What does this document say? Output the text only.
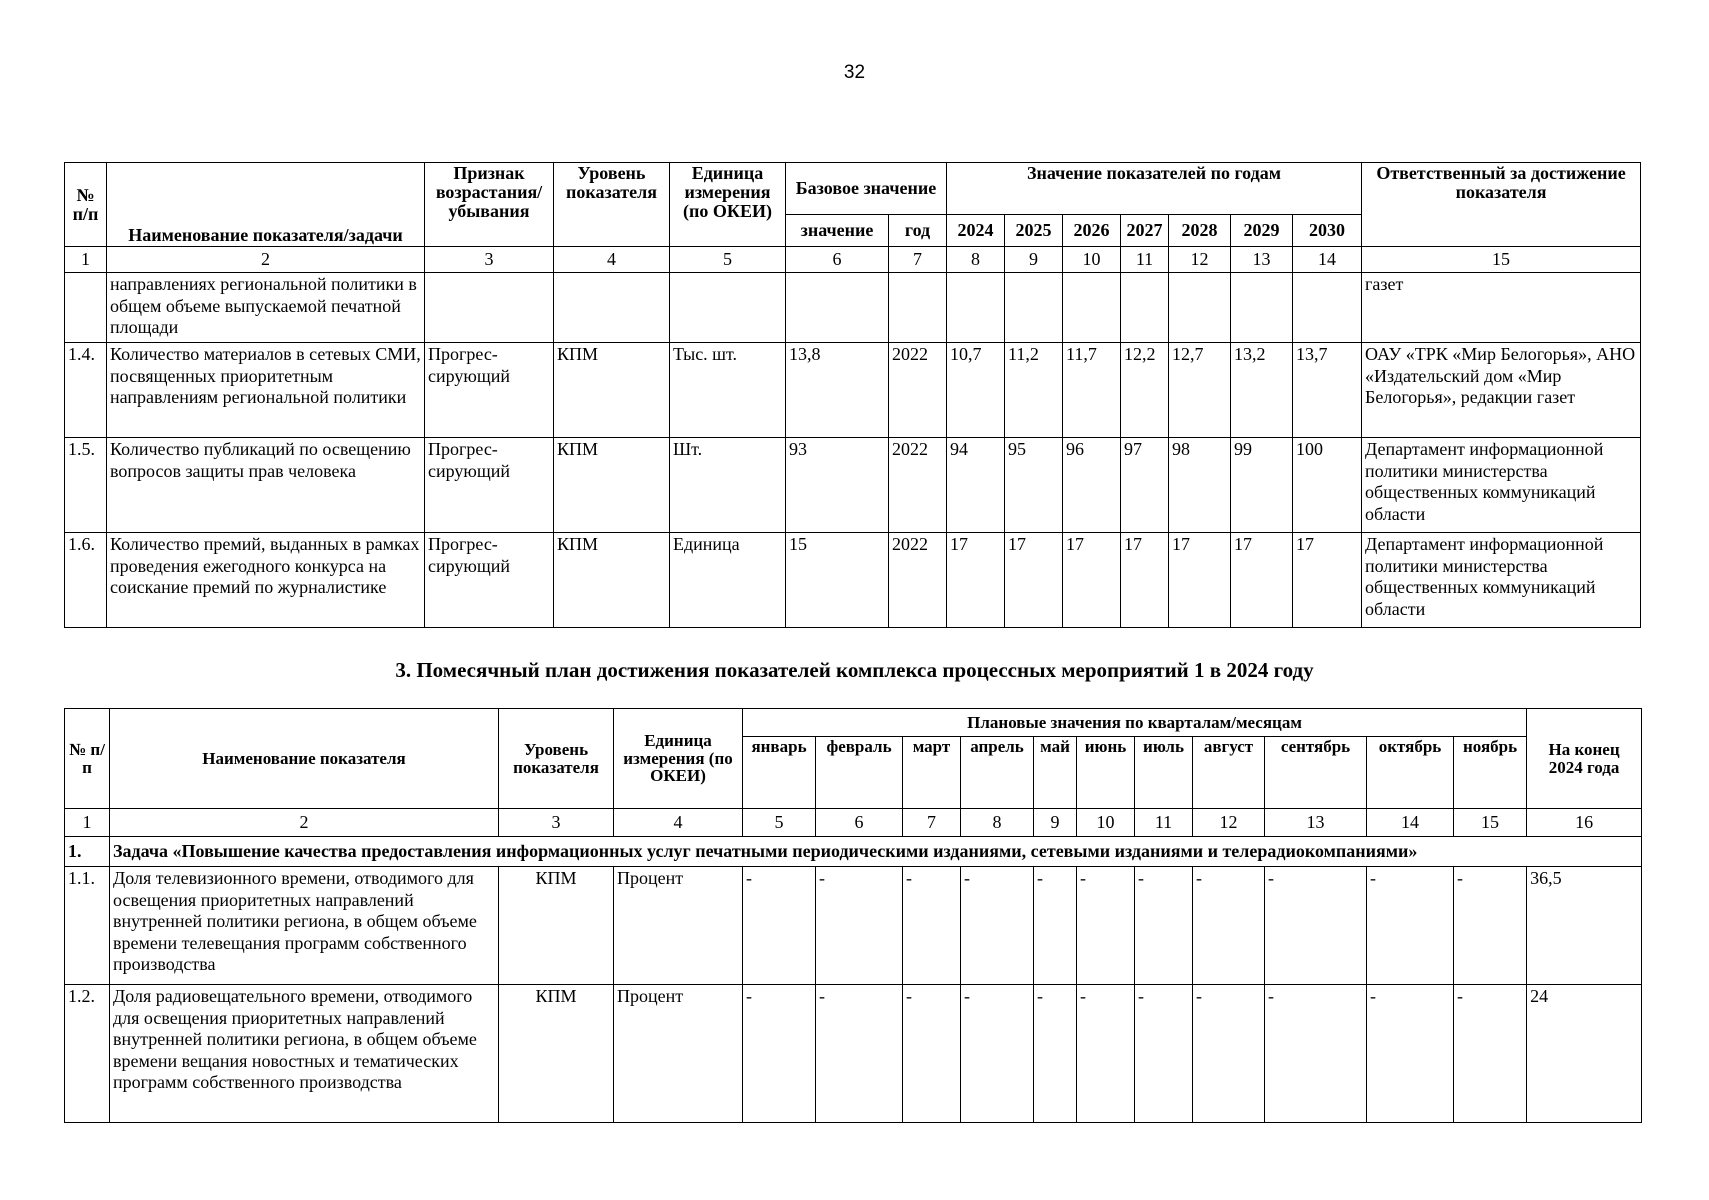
32
№ п/п	Наименование показателя/задачи	Признак возрастания/ убывания	Уровень показателя	Единица измерения (по ОКЕИ)	Базовое значение		Значение показателей по годам							Ответственный за достижение показателя
					значение	год	2024	2025	2026	2027	2028	2029	2030	
1	2	3	4	5	6	7	8	9	10	11	12	13	14	15
	направлениях региональной политики в общем объеме выпускаемой печатной площади													газет
1.4.	Количество материалов в сетевых СМИ, посвященных приоритетным направлениям региональной политики	Прогрес-сирующий	КПМ	Тыс. шт.	13,8	2022	10,7	11,2	11,7	12,2	12,7	13,2	13,7	ОАУ «ТРК «Мир Белогорья», АНО «Издательский дом «Мир Белогорья», редакции газет
1.5.	Количество публикаций по освещению вопросов защиты прав человека	Прогрес-сирующий	КПМ	Шт.	93	2022	94	95	96	97	98	99	100	Департамент информационной политики министерства общественных коммуникаций области
1.6.	Количество премий, выданных в рамках проведения ежегодного конкурса на соискание премий по журналистике	Прогрес-сирующий	КПМ	Единица	15	2022	17	17	17	17	17	17	17	Департамент информационной политики министерства общественных коммуникаций области
3. Помесячный план достижения показателей комплекса процессных мероприятий 1 в 2024 году
№ п/п	Наименование показателя	Уровень показателя	Единица измерения (по ОКЕИ)	Плановые значения по кварталам/месяцам											На конец 2024 года
				январь	февраль	март	апрель	май	июнь	июль	август	сентябрь	октябрь	ноябрь	
1	2	3	4	5	6	7	8	9	10	11	12	13	14	15	16
1.	Задача «Повышение качества предоставления информационных услуг печатными периодическими изданиями, сетевыми изданиями и телерадиокомпаниями»														
1.1.	Доля телевизионного времени, отводимого для освещения приоритетных направлений внутренней политики региона, в общем объеме времени телевещания программ собственного производства	КПМ	Процент	-	-	-	-	-	-	-	-	-	-	-	36,5
1.2.	Доля радиовещательного времени, отводимого для освещения приоритетных направлений внутренней политики региона, в общем объеме времени вещания новостных и тематических программ собственного производства	КПМ	Процент	-	-	-	-	-	-	-	-	-	-	-	24
